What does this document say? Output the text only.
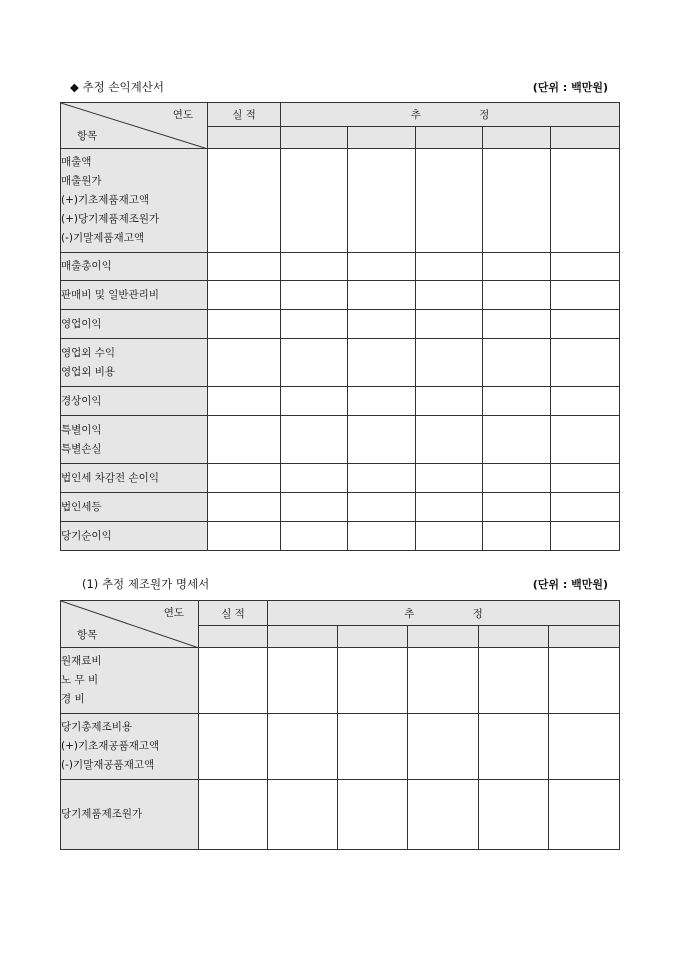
◆ 추정 손익계산서	(단위 : 백만원)
연도
항목	실 적	추 정				

매출액
매출원가
(+)기초제품재고액
(+)당기제품제조원가
(-)기말제품재고액						

매출총이익						

판매비 및 일반관리비						

영업이익						

영업외 수익
영업외 비용						

경상이익						

특별이익
특별손실						

법인세 차감전 손이익						

법인세등						

당기순이익						

(1) 추정 제조원가 명세서	(단위 : 백만원)
연도
항목	실 적	추 정				

원재료비
노 무 비
경 비						

당기총제조비용
(+)기초재공품재고액
(-)기말재공품재고액						

당기제품제조원가						
